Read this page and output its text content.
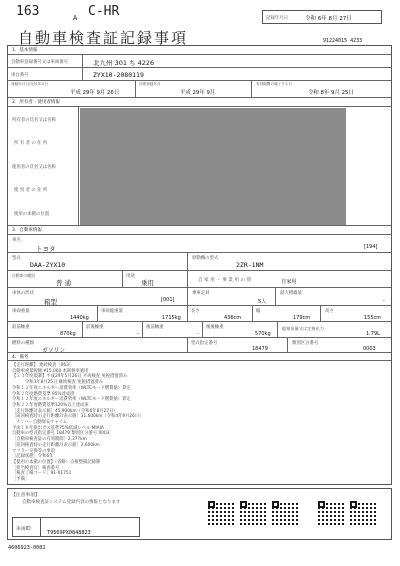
163	A C-HR	記録年月日	令和 6年 8月 27日
自動車検査証記録事項	91224015 4233
1．基本情報
自動車登録番号又は車両番号	北九州 301 ち 4226
車台番号	ZYX10-2080119
登録年月日/交付年月日
平成 29年 9月 26日
初度登録年月
平成 29年 9月
有効期間の満了する日
令和 8年 9月 25日
2．所有者・使用者情報
所有者の氏名又は名称
所 有 者 の 住 所
使用者の氏名又は名称
使 用 者 の 住 所
使用の本拠の位置
3．自動車情報
車名
トヨタ	[194]
型式
DAA-ZYX10
原動機の型式
2ZR-1NM
自動車の種別
普 通
用途
乗用	自 家 用 ・ 事 業 用 の 別	自家用
車体の形状
箱型	[001]
乗車定員
5人
最大積載量
-
車両重量
1440kg
車両総重量
1715kg
長さ
436cm
幅
179cm
高さ
155cm
前前軸重
870kg
前後軸重
-
後前軸重
-
後後軸重
570kg
総排気量又は定格出力
1.79L
燃料の種類
ガソリン
型式指定番号
18479
類別区分番号
0003
4．備考
【走行距離】 連続検査［063］
自動車重量税額 ¥15,000 本則税率適用
【２３年度規制】平成29年5月26日 平成検査 免税措置済み
　　　令和3年8月25日 継続検査 免税措置済み
令和１２年度エネルギー消費効率（WLTCモード燃費値）算定
令和２年度燃費基準 95%達成済
令和１２年度エネルギー消費効率（WLTCモード燃費値）算定
令和２２年度燃費基準120%以上達成車
［走行距離計表示値］45,900km（令和6年8月27日）
［前回検査時の走行距離計表示値］31,600km（令和4年9月26日）
　ナンバー自動保安チャイム
平成１８年排出ガス基準75%低減レベル MIAIA
自動車の型式指定番号 18479 類別区分番号 0003
［自動車検査証の有効期間］2,377km
［前回検査時の走行距離計表示値］2,600km
マフラー交換等の事項
［記録状態］令和6年
【使用の本拠の位置】（省略）点検整備記録簿
［担当検査官］検査番号
［検査工場コード］91-01751
［予備］
【注意事項】
自動車検査証システム登録内容の情報となります
車両ID
T9569PX0848823
4606923-0001
